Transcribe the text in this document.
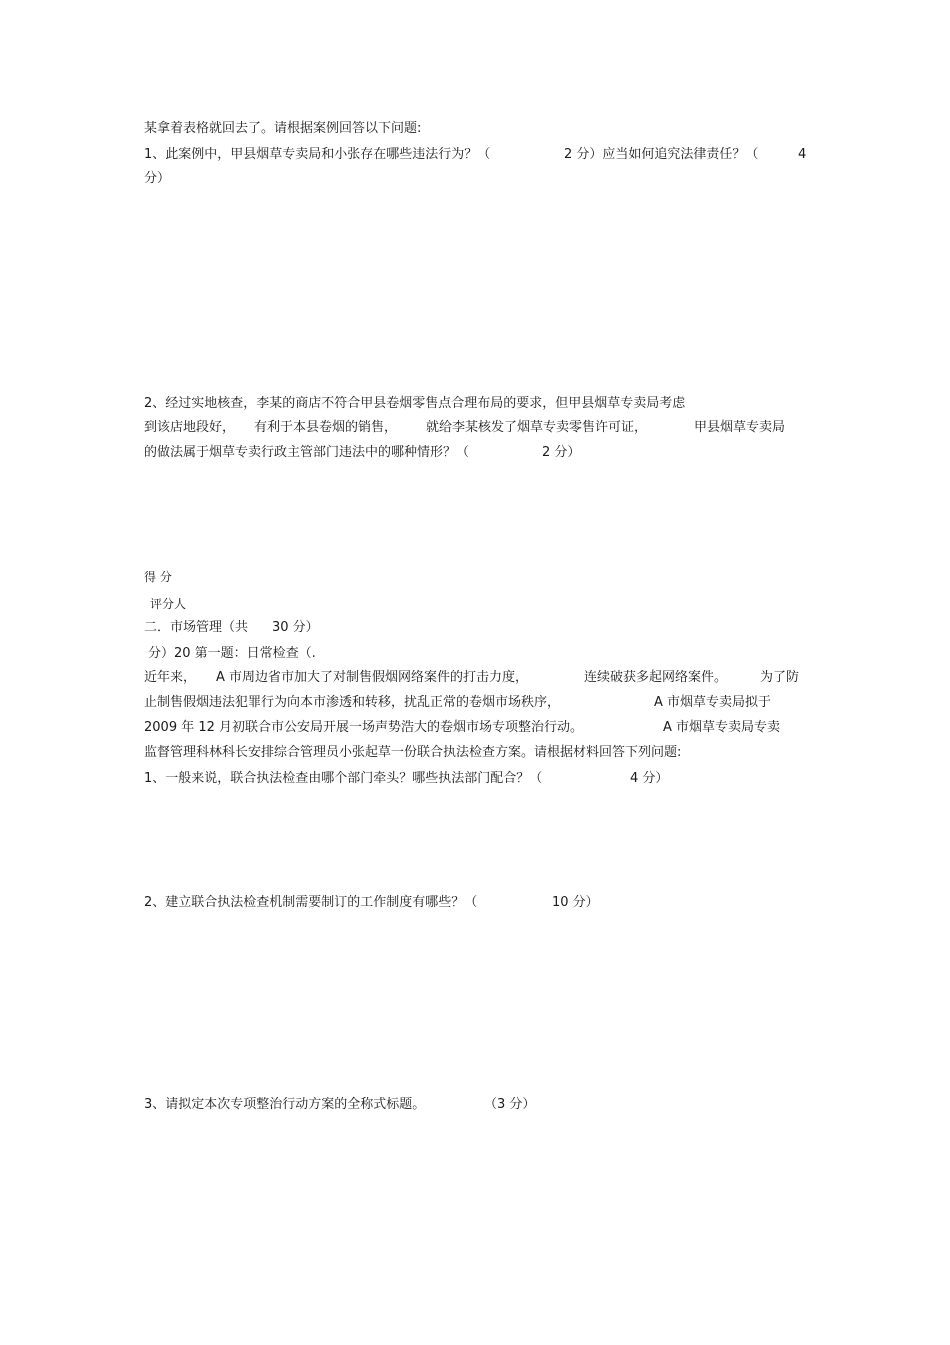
某拿着表格就回去了。请根据案例回答以下问题:
1、此案例中，甲县烟草专卖局和小张存在哪些违法行为？（	2 分）应当如何追究法律责任？（	4
分）
2、经过实地核查，李某的商店不符合甲县卷烟零售点合理布局的要求，但甲县烟草专卖局考虑
到该店地段好， 有利于本县卷烟的销售， 就给李某核发了烟草专卖零售许可证，	甲县烟草专卖局
的做法属于烟草专卖行政主管部门违法中的哪种情形？（	2 分）
得 分
评分人
二．市场管理（共 30 分）
分）20 第一题：日常检查（.
近年来， A 市周边省市加大了对制售假烟网络案件的打击力度，	连续破获多起网络案件。	为了防
止制售假烟违法犯罪行为向本市渗透和转移，扰乱正常的卷烟市场秩序，	A 市烟草专卖局拟于
2009 年 12 月初联合市公安局开展一场声势浩大的卷烟市场专项整治行动。	A 市烟草专卖局专卖
监督管理科林科长安排综合管理员小张起草一份联合执法检查方案。请根据材料回答下列问题:
1、一般来说，联合执法检查由哪个部门牵头？哪些执法部门配合？（	4 分）
2、建立联合执法检查机制需要制订的工作制度有哪些？（	10 分）
3、请拟定本次专项整治行动方案的全称式标题。	（3 分）
